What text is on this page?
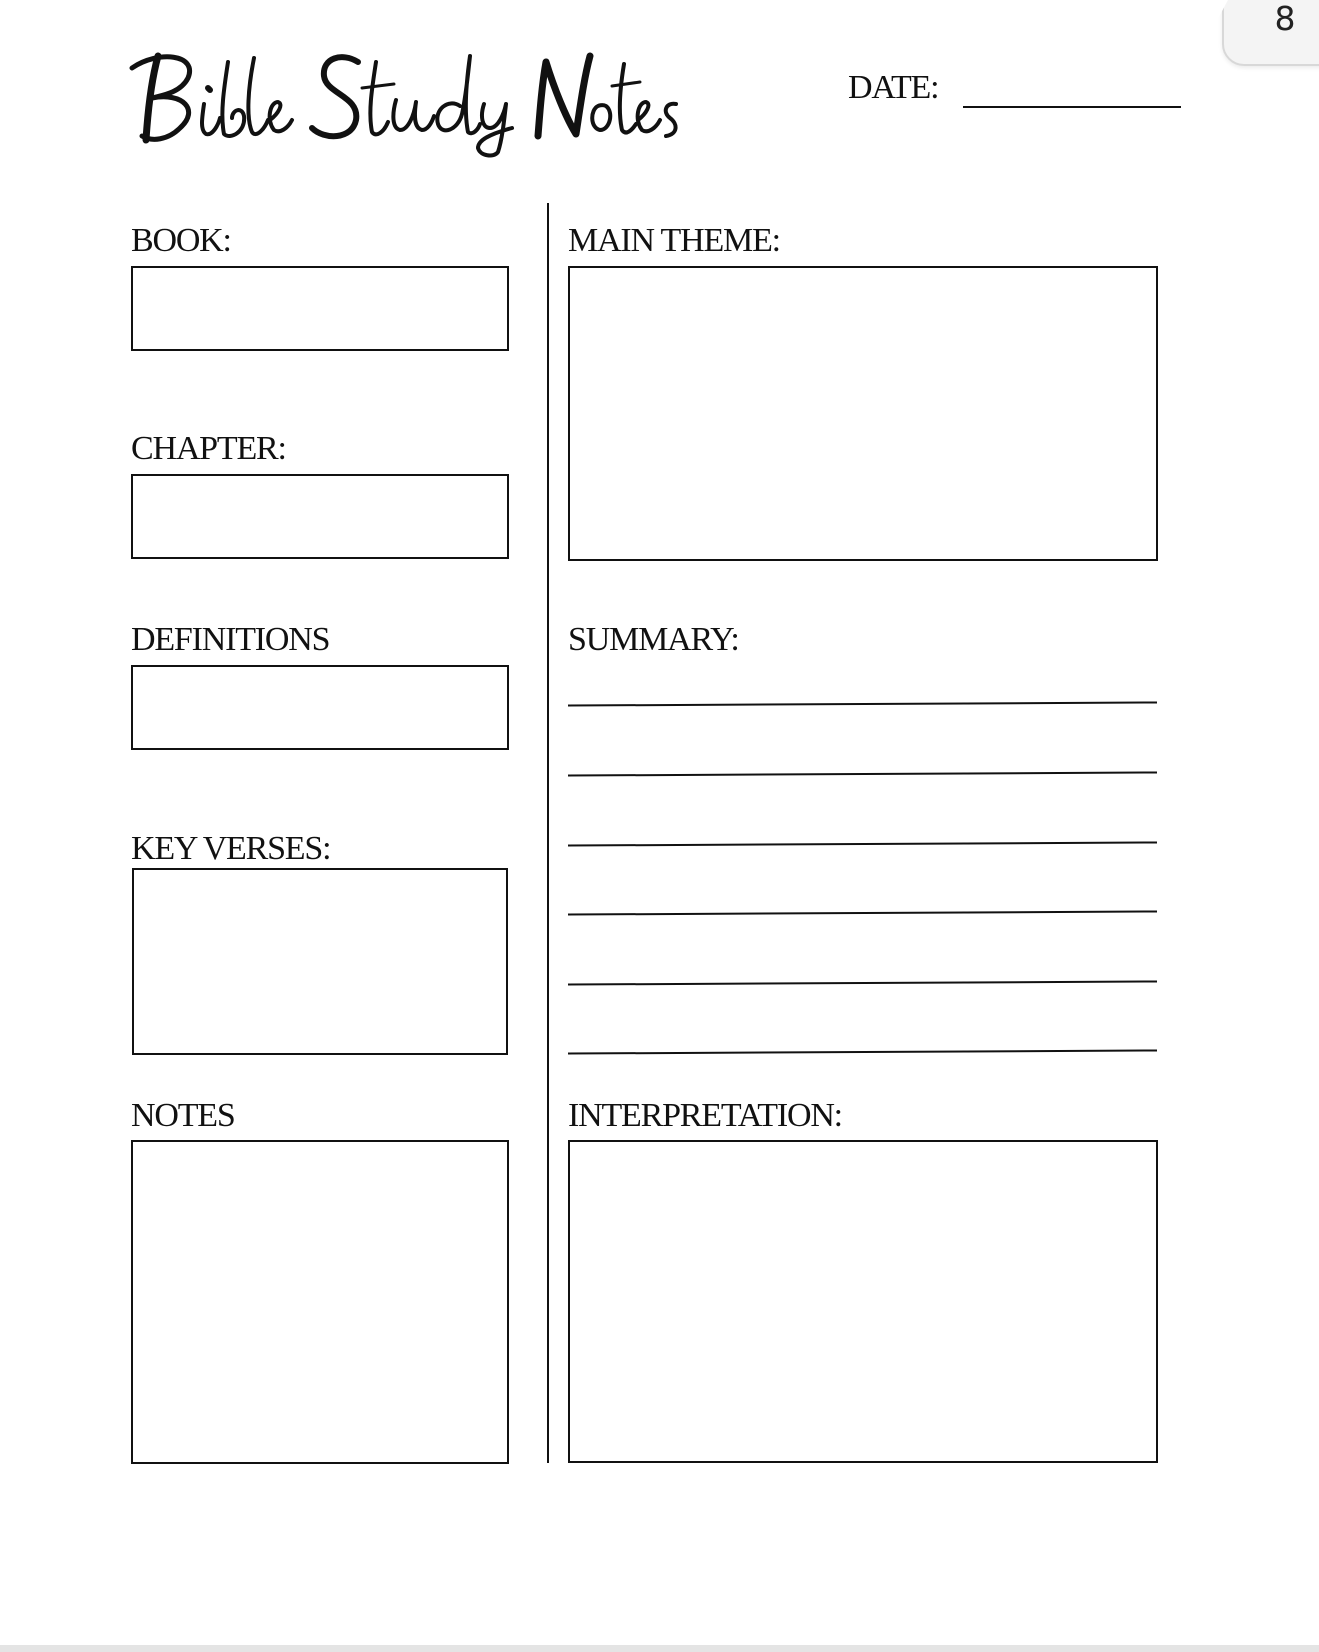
8
DATE:
BOOK:
CHAPTER:
DEFINITIONS
KEY VERSES:
NOTES
MAIN THEME:
SUMMARY:
INTERPRETATION:
